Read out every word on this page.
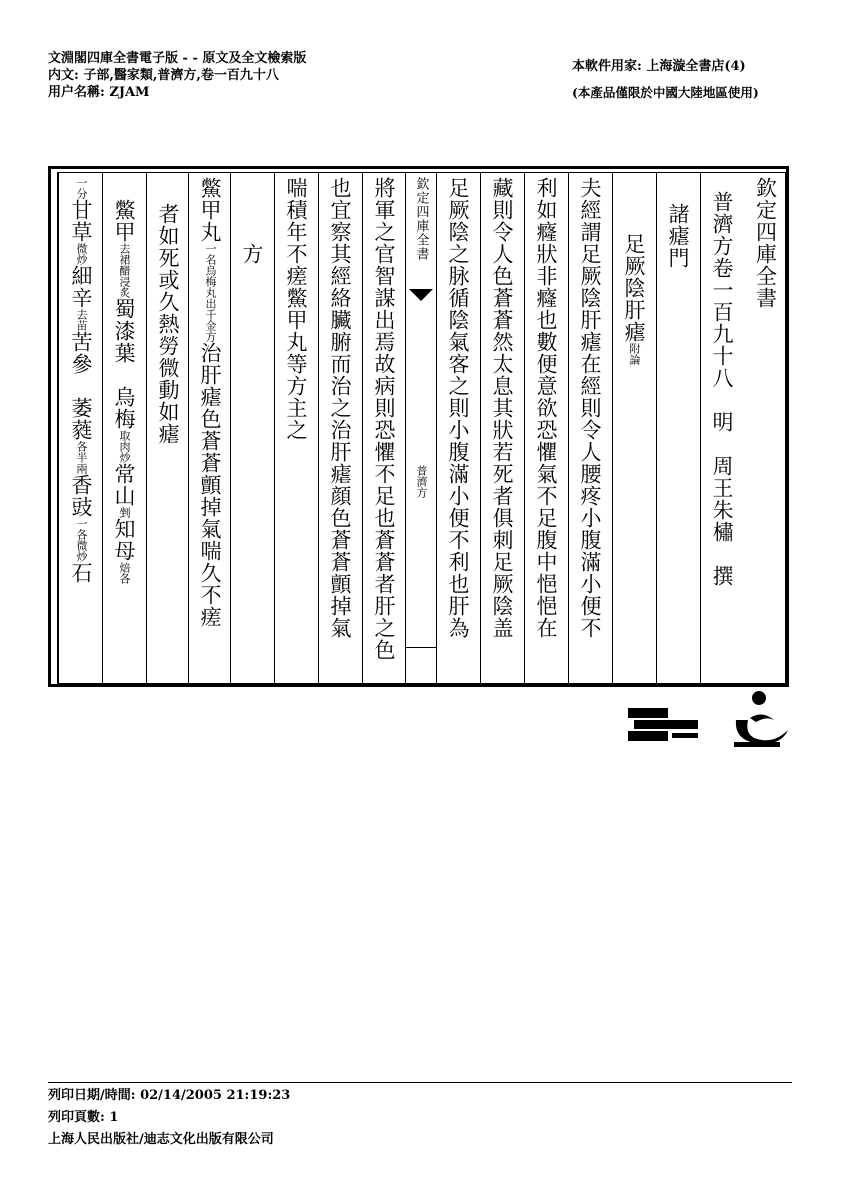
文淵閣四庫全書電子版 - - 原文及全文檢索版
内文: 子部,醫家類,普濟方,卷一百九十八
用户名稱: ZJAM
本軟件用家: 上海漩全書店(4)
(本產品僅限於中國大陸地區使用)
欽定四庫全書
普濟方卷一百九十八　明　周王朱橚　撰
　諸瘧門
　足厥陰肝瘧附論
夫經謂足厥陰肝瘧在經則令人腰疼小腹滿小便不
利如癃狀非癃也數便意欲恐懼氣不足腹中悒悒在
藏則令人色蒼蒼然太息其狀若死者俱刺足厥陰盖
足厥陰之脉循陰氣客之則小腹滿小便不利也肝為
欽定四庫全書
普濟方
將軍之官智謀出焉故病則恐懼不足也蒼蒼者肝之色
也宜察其經絡臟腑而治之治肝瘧顔色蒼蒼顫掉氣
喘積年不瘥鱉甲丸等方主之
　方
鱉甲丸一名烏梅丸出千金方治肝瘧色蒼蒼顫掉氣喘久不瘥
　者如死或久熱勞微動如瘧
　鱉甲去裙醋浸炙蜀漆葉　烏梅取肉炒常山剉知母焙各
一分甘草微炒細辛去苗苦參　萎蕤各半兩香豉一各微炒石
列印日期/時間: 02/14/2005 21:19:23
列印頁數: 1
上海人民出版社/迪志文化出版有限公司
